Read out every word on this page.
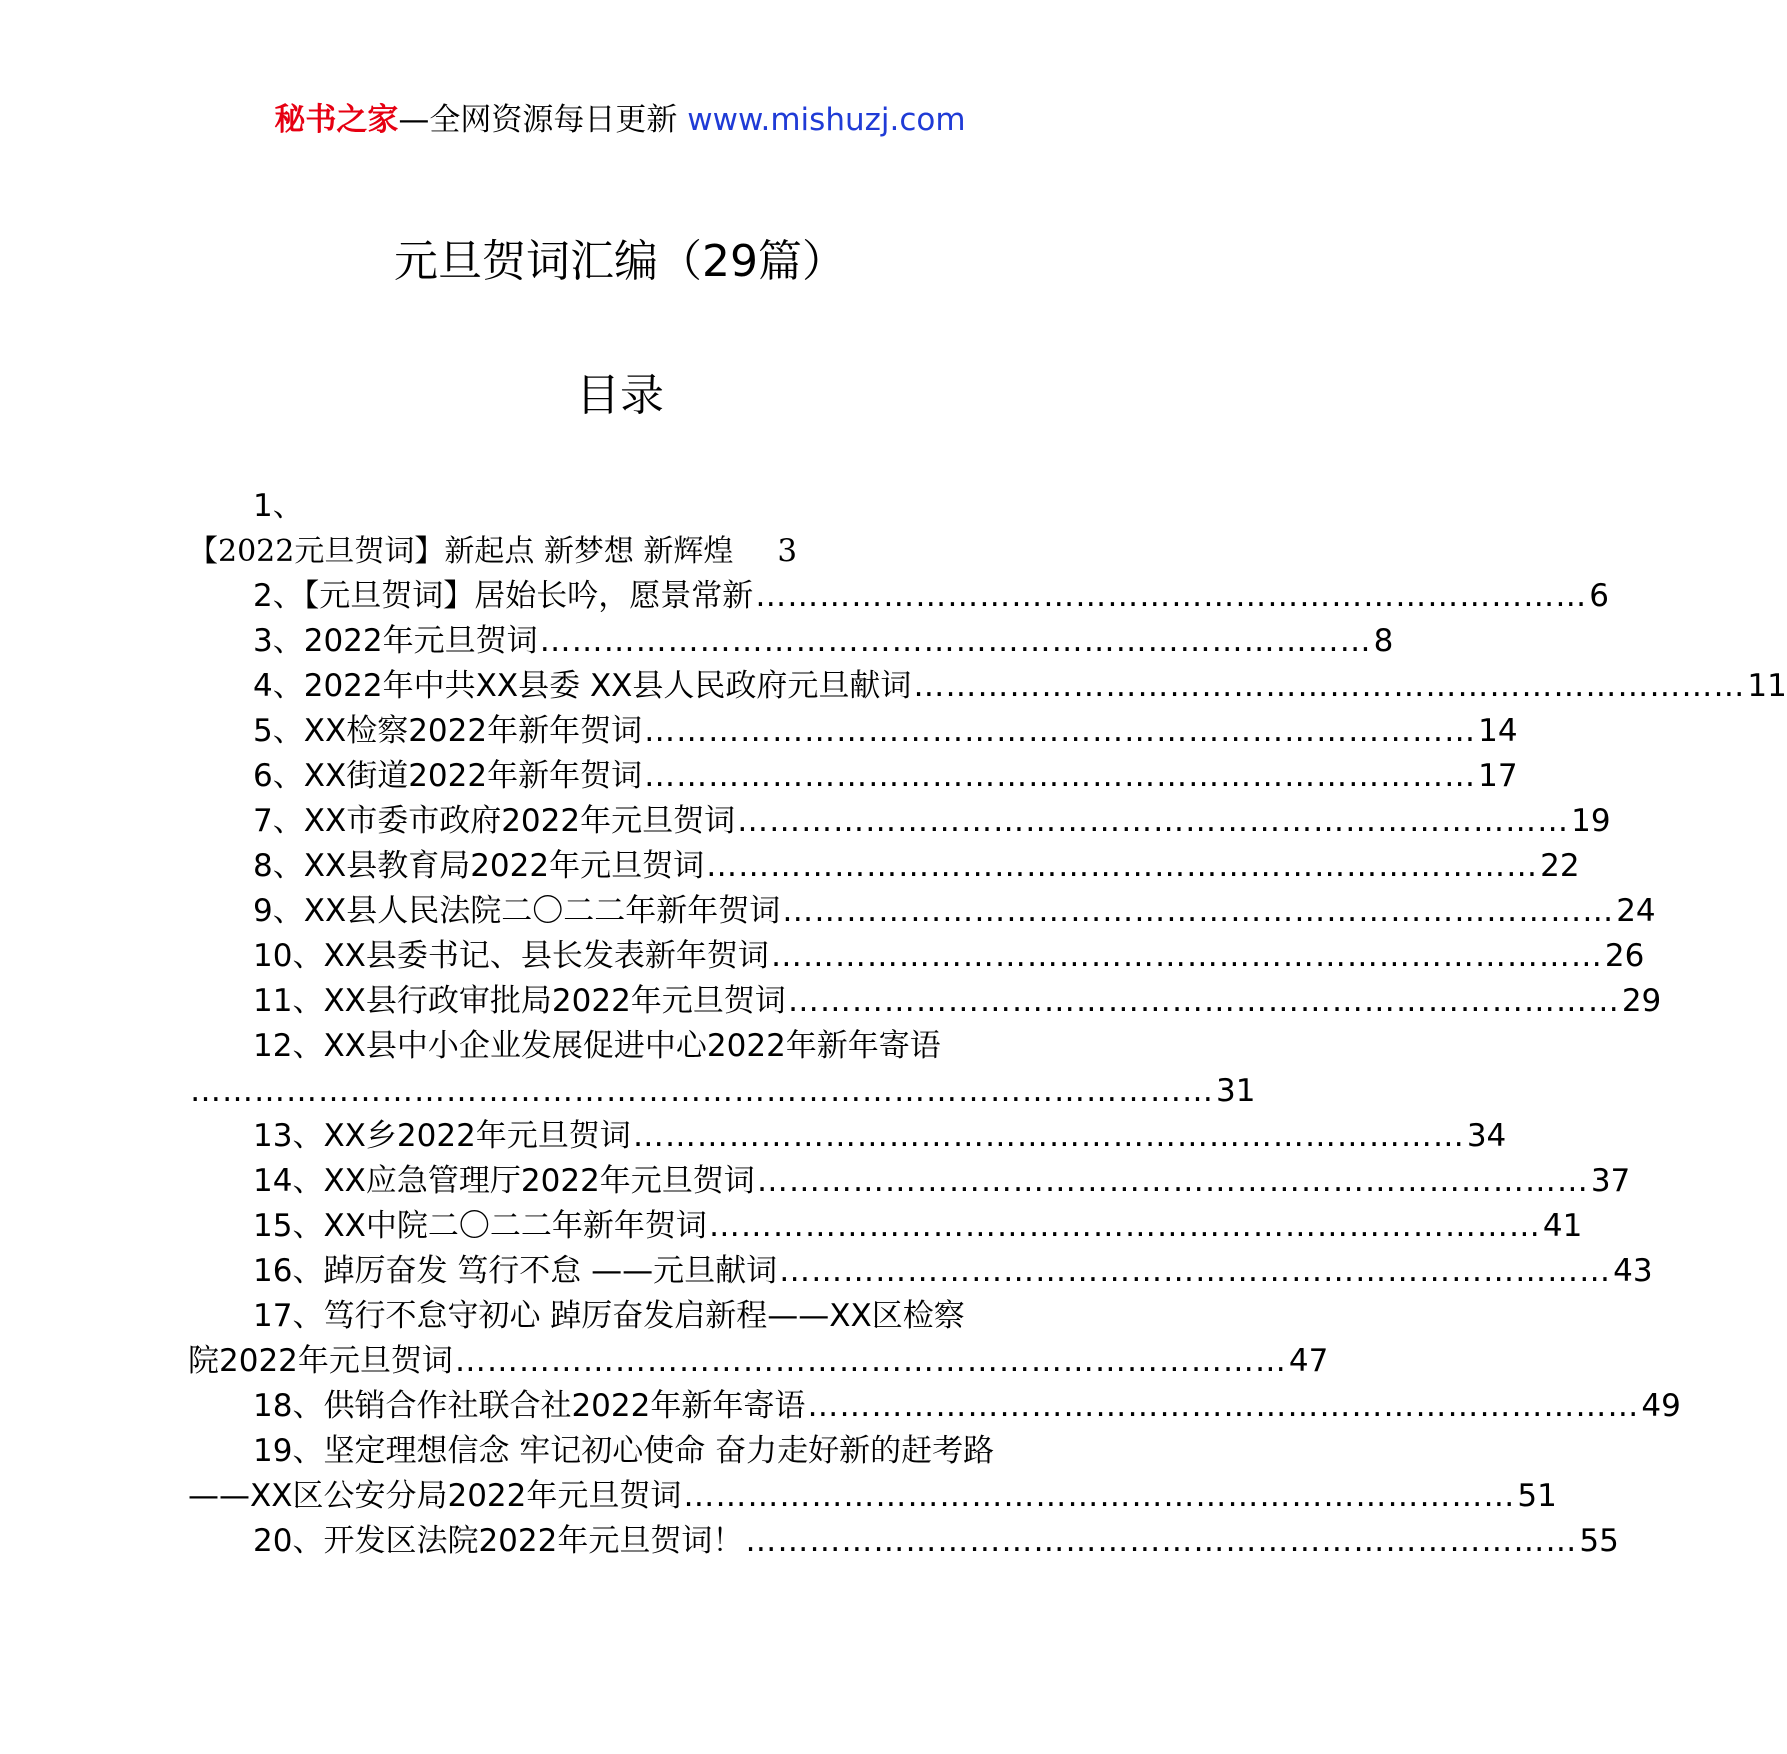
秘书之家—全网资源每日更新 www.mishuzj.com
元旦贺词汇编（29篇）
目录
1、
【2022元旦贺词】新起点 新梦想 新辉煌 3
2、【元旦贺词】居始长吟，愿景常新 …………………………………………………………………… 6
3、2022年元旦贺词 …………………………………………………………………… 8
4、2022年中共XX县委 XX县人民政府元旦献词 …………………………………………………………………… 11
5、XX检察2022年新年贺词 …………………………………………………………………… 14
6、XX街道2022年新年贺词 …………………………………………………………………… 17
7、XX市委市政府2022年元旦贺词 …………………………………………………………………… 19
8、XX县教育局2022年元旦贺词 …………………………………………………………………… 22
9、XX县人民法院二〇二二年新年贺词 …………………………………………………………………… 24
10、XX县委书记、县长发表新年贺词 …………………………………………………………………… 26
11、XX县行政审批局2022年元旦贺词 …………………………………………………………………… 29
12、XX县中小企业发展促进中心2022年新年寄语
…………………………………………………………………………………… 31
13、XX乡2022年元旦贺词 …………………………………………………………………… 34
14、XX应急管理厅2022年元旦贺词 …………………………………………………………………… 37
15、XX中院二〇二二年新年贺词 …………………………………………………………………… 41
16、踔厉奋发 笃行不怠 ——元旦献词 …………………………………………………………………… 43
17、笃行不怠守初心 踔厉奋发启新程——XX区检察
院2022年元旦贺词 …………………………………………………………………… 47
18、供销合作社联合社2022年新年寄语 …………………………………………………………………… 49
19、坚定理想信念 牢记初心使命 奋力走好新的赶考路
——XX区公安分局2022年元旦贺词 …………………………………………………………………… 51
20、开发区法院2022年元旦贺词！ …………………………………………………………………… 55
